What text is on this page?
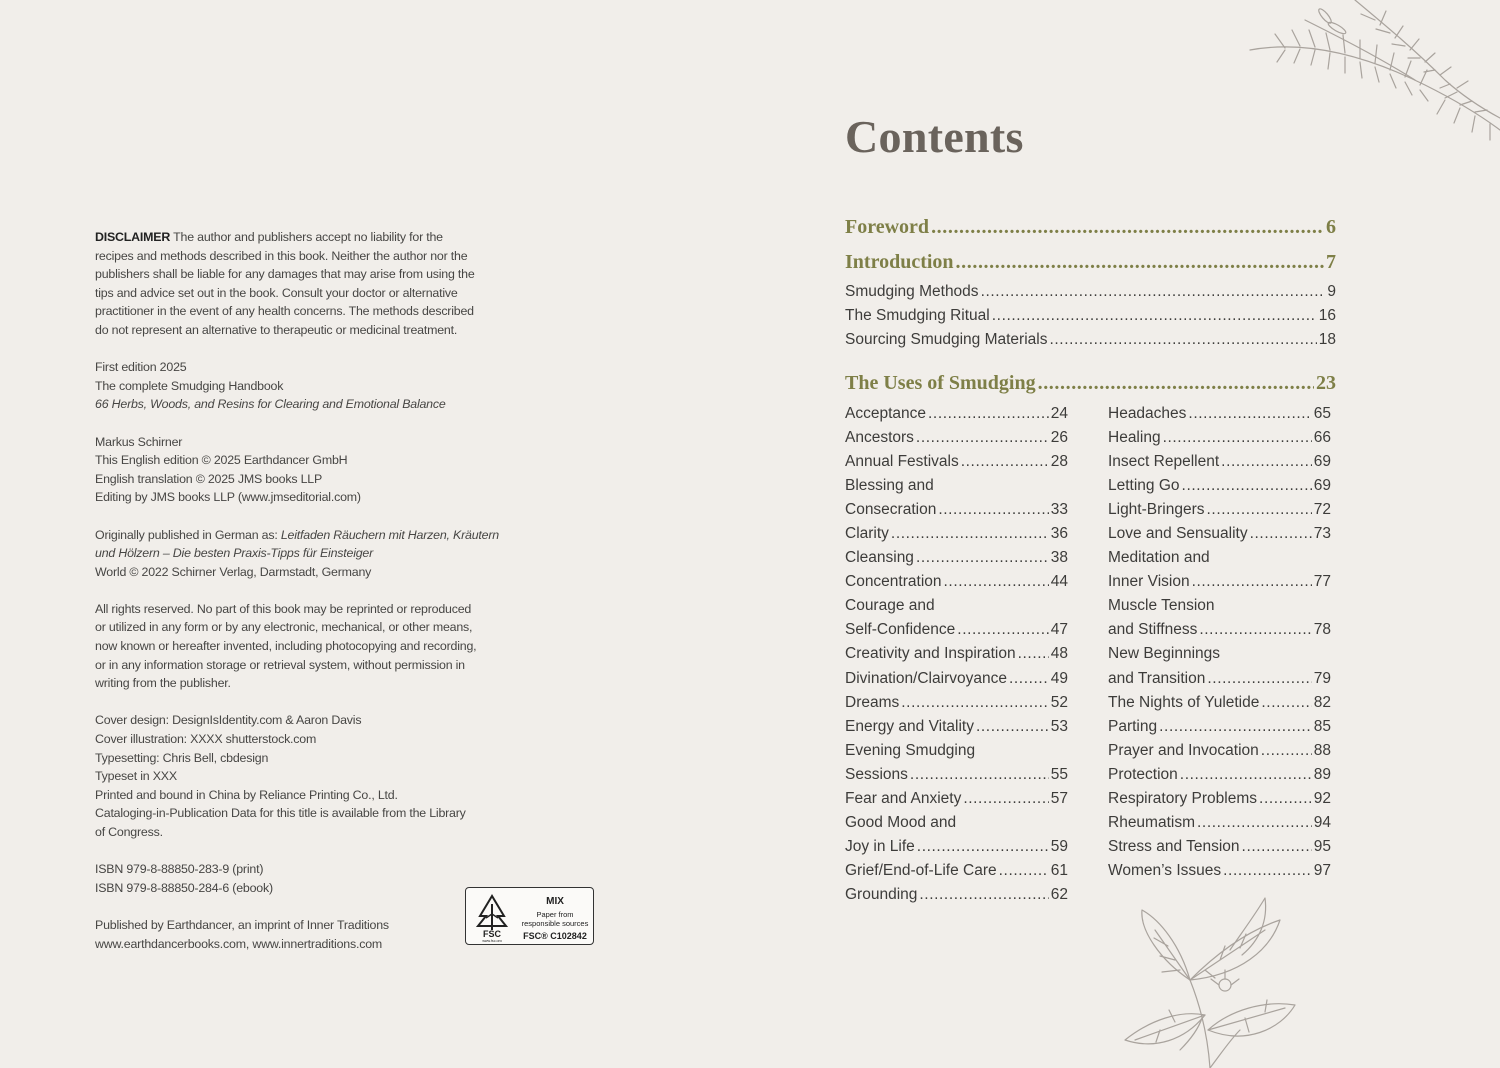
DISCLAIMER The author and publishers accept no liability for the
recipes and methods described in this book. Neither the author nor the
publishers shall be liable for any damages that may arise from using the
tips and advice set out in the book. Consult your doctor or alternative
practitioner in the event of any health concerns. The methods described
do not represent an alternative to therapeutic or medicinal treatment.

First edition 2025
The complete Smudging Handbook
66 Herbs, Woods, and Resins for Clearing and Emotional Balance

Markus Schirner
This English edition © 2025 Earthdancer GmbH
English translation © 2025 JMS books LLP
Editing by JMS books LLP (www.jmseditorial.com)

Originally published in German as: Leitfaden Räuchern mit Harzen, Kräutern
und Hölzern – Die besten Praxis-Tipps für Einsteiger
World © 2022 Schirner Verlag, Darmstadt, Germany

All rights reserved. No part of this book may be reprinted or reproduced
or utilized in any form or by any electronic, mechanical, or other means,
now known or hereafter invented, including photocopying and recording,
or in any information storage or retrieval system, without permission in
writing from the publisher.

Cover design: DesignIsIdentity.com & Aaron Davis
Cover illustration: XXXX shutterstock.com
Typesetting: Chris Bell, cbdesign
Typeset in XXX
Printed and bound in China by Reliance Printing Co., Ltd.
Cataloging-in-Publication Data for this title is available from the Library
of Congress.

ISBN 979-8-88850-283-9 (print)
ISBN 979-8-88850-284-6 (ebook)

Published by Earthdancer, an imprint of Inner Traditions
www.earthdancerbooks.com, www.innertraditions.com

FSC
www.fsc.org
MIX
Paper from
responsible sources
FSC® C102842
Contents
Foreword .....	6
Introduction .....	7
Smudging Methods .....	9
The Smudging Ritual .....	16
Sourcing Smudging Materials .....	18
The Uses of Smudging .....	23
Acceptance .....	24
Ancestors .....	26
Annual Festivals .....	28
Blessing and
Consecration .....	33
Clarity .....	36
Cleansing .....	38
Concentration .....	44
Courage and
Self-Confidence .....	47
Creativity and Inspiration ..... 48
Divination/Clairvoyance .....	49
Dreams .....	52
Energy and Vitality .....	53
Evening Smudging
Sessions .....	55
Fear and Anxiety .....	57
Good Mood and
Joy in Life .....	59
Grief/End-of-Life Care .....	61
Grounding .....	62
Headaches .....	65
Healing .....	66
Insect Repellent .....	69
Letting Go .....	69
Light-Bringers .....	72
Love and Sensuality .....	73
Meditation and
Inner Vision .....	77
Muscle Tension
and Stiffness .....	78
New Beginnings
and Transition .....	79
The Nights of Yuletide .....	82
Parting .....	85
Prayer and Invocation .....	88
Protection .....	89
Respiratory Problems .....	92
Rheumatism .....	94
Stress and Tension .....	95
Women’s Issues .....	97
